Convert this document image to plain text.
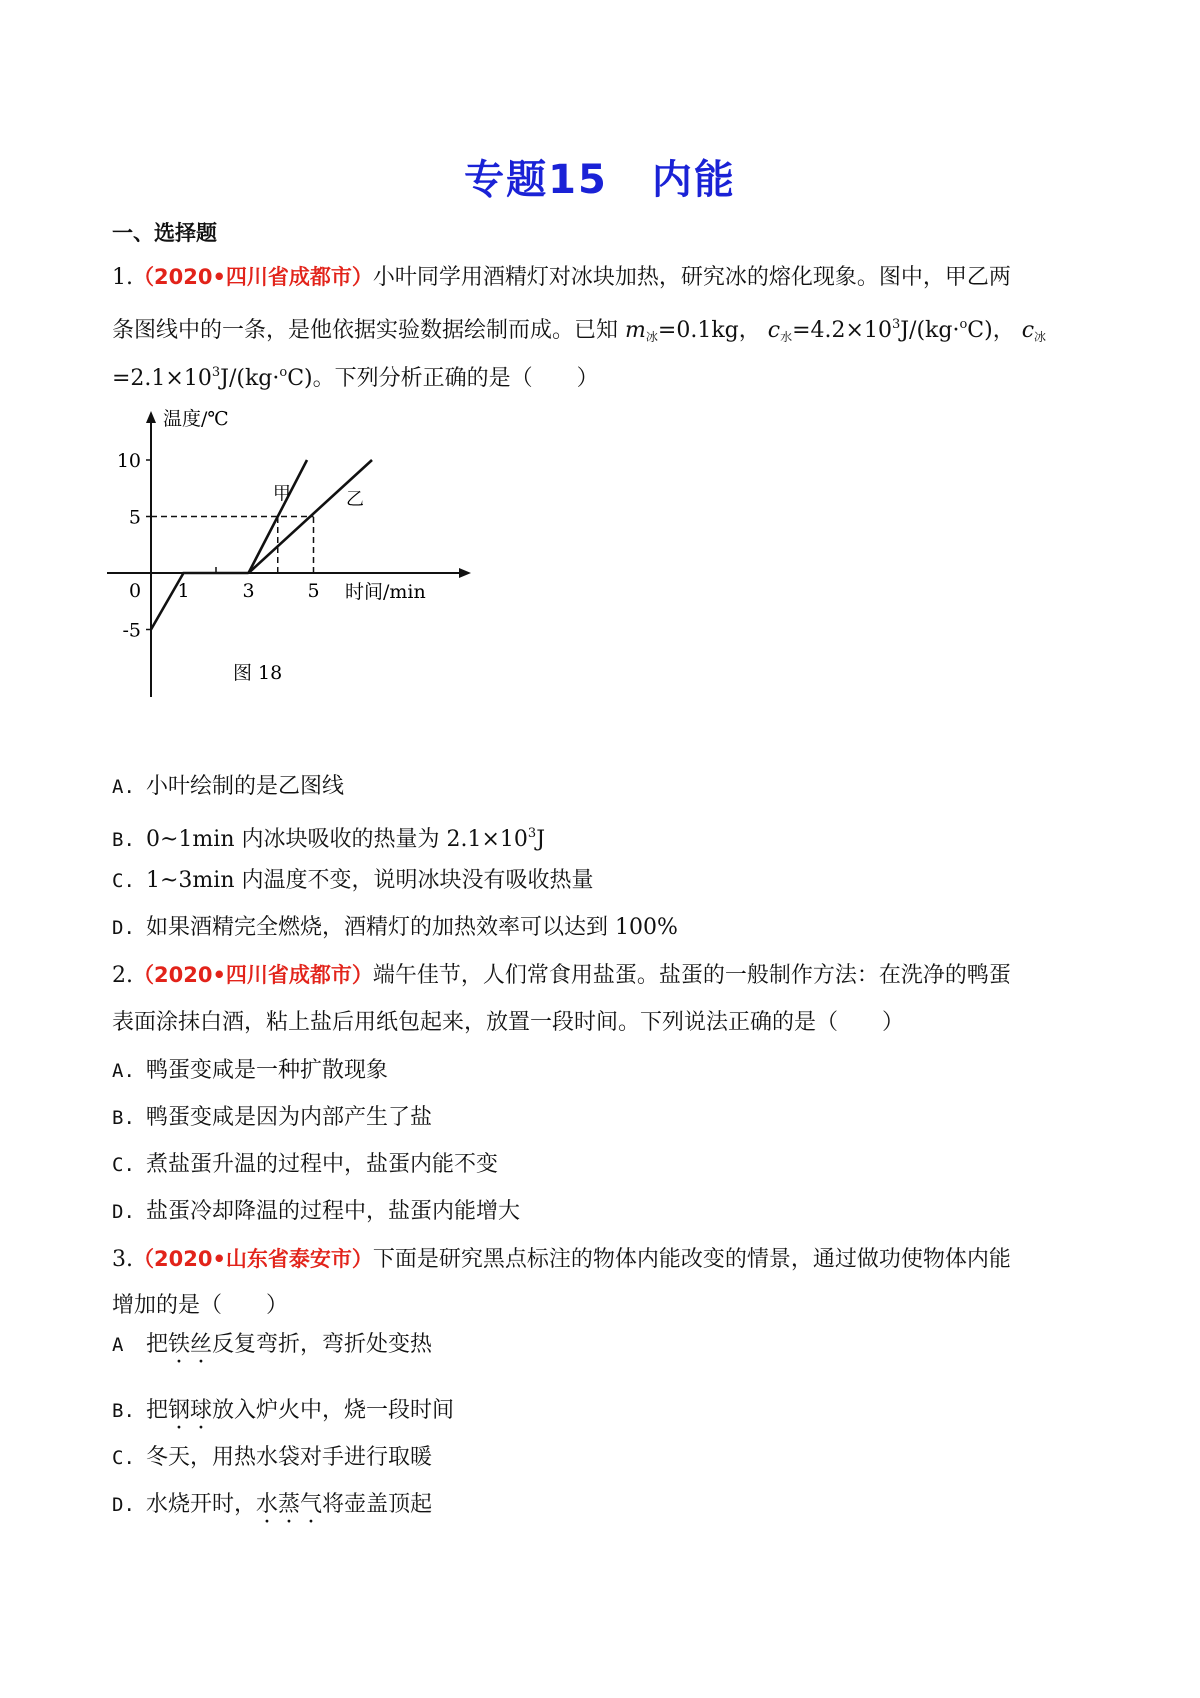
专题15 内能
一、选择题
1.（2020•四川省成都市）小叶同学用酒精灯对冰块加热，研究冰的熔化现象。图中，甲乙两
条图线中的一条，是他依据实验数据绘制而成。已知 $m_冰=0.1kg$， $c_水=4.2\times 10^3J/(kg\cdot^oC)$， $c_冰$
$=2.1\times 10^3J/(kg\cdot^oC)$。下列分析正确的是（　　）
温度/℃
时间/min
图 18
甲	乙
10
5
-5
0 1	3	5
A. 小叶绘制的是乙图线
B. 0~1min 内冰块吸收的热量为 $2.1\times 10^3J$
C. 1~3min 内温度不变，说明冰块没有吸收热量
D. 如果酒精完全燃烧，酒精灯的加热效率可以达到 100%
2.（2020•四川省成都市）端午佳节，人们常食用盐蛋。盐蛋的一般制作方法：在洗净的鸭蛋
表面涂抹白酒，粘上盐后用纸包起来，放置一段时间。下列说法正确的是（　　）
A. 鸭蛋变咸是一种扩散现象
B. 鸭蛋变咸是因为内部产生了盐
C. 煮盐蛋升温的过程中，盐蛋内能不变
D. 盐蛋冷却降温的过程中，盐蛋内能增大
3.（2020•山东省泰安市）下面是研究黑点标注的物体内能改变的情景，通过做功使物体内能
增加的是（　　）
A 把铁丝反复弯折，弯折处变热
B. 把钢球放入炉火中，烧一段时间
C. 冬天，用热水袋对手进行取暖
D. 水烧开时，水蒸气将壶盖顶起
